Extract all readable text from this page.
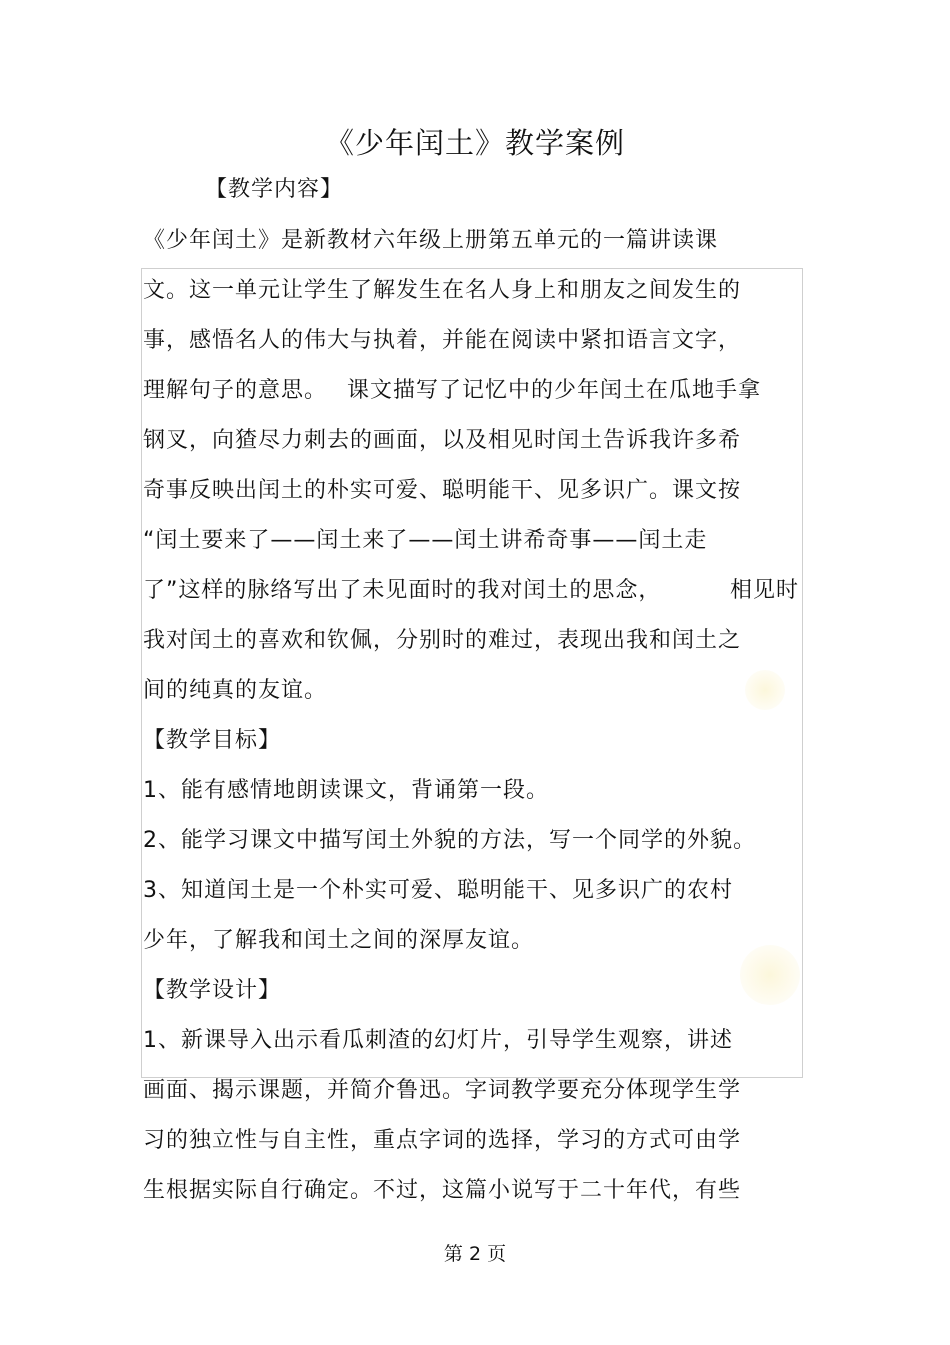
《少年闰土》教学案例
【教学内容】
《少年闰土》是新教材六年级上册第五单元的一篇讲读课
文。这一单元让学生了解发生在名人身上和朋友之间发生的
事，感悟名人的伟大与执着，并能在阅读中紧扣语言文字，
理解句子的意思。 课文描写了记忆中的少年闰土在瓜地手拿
钢叉，向猹尽力刺去的画面，以及相见时闰土告诉我许多希
奇事反映出闰土的朴实可爱、聪明能干、见多识广。课文按
“闰土要来了——闰土来了——闰土讲希奇事——闰土走
了”这样的脉络写出了未见面时的我对闰土的思念，	相见时
我对闰土的喜欢和钦佩，分别时的难过，表现出我和闰土之
间的纯真的友谊。
【教学目标】
1、能有感情地朗读课文，背诵第一段。
2、能学习课文中描写闰土外貌的方法，写一个同学的外貌。
3、知道闰土是一个朴实可爱、聪明能干、见多识广的农村
少年，了解我和闰土之间的深厚友谊。
【教学设计】
1、新课导入出示看瓜刺渣的幻灯片，引导学生观察，讲述
画面、揭示课题，并简介鲁迅。字词教学要充分体现学生学
习的独立性与自主性，重点字词的选择，学习的方式可由学
生根据实际自行确定。不过，这篇小说写于二十年代，有些
第 2 页
